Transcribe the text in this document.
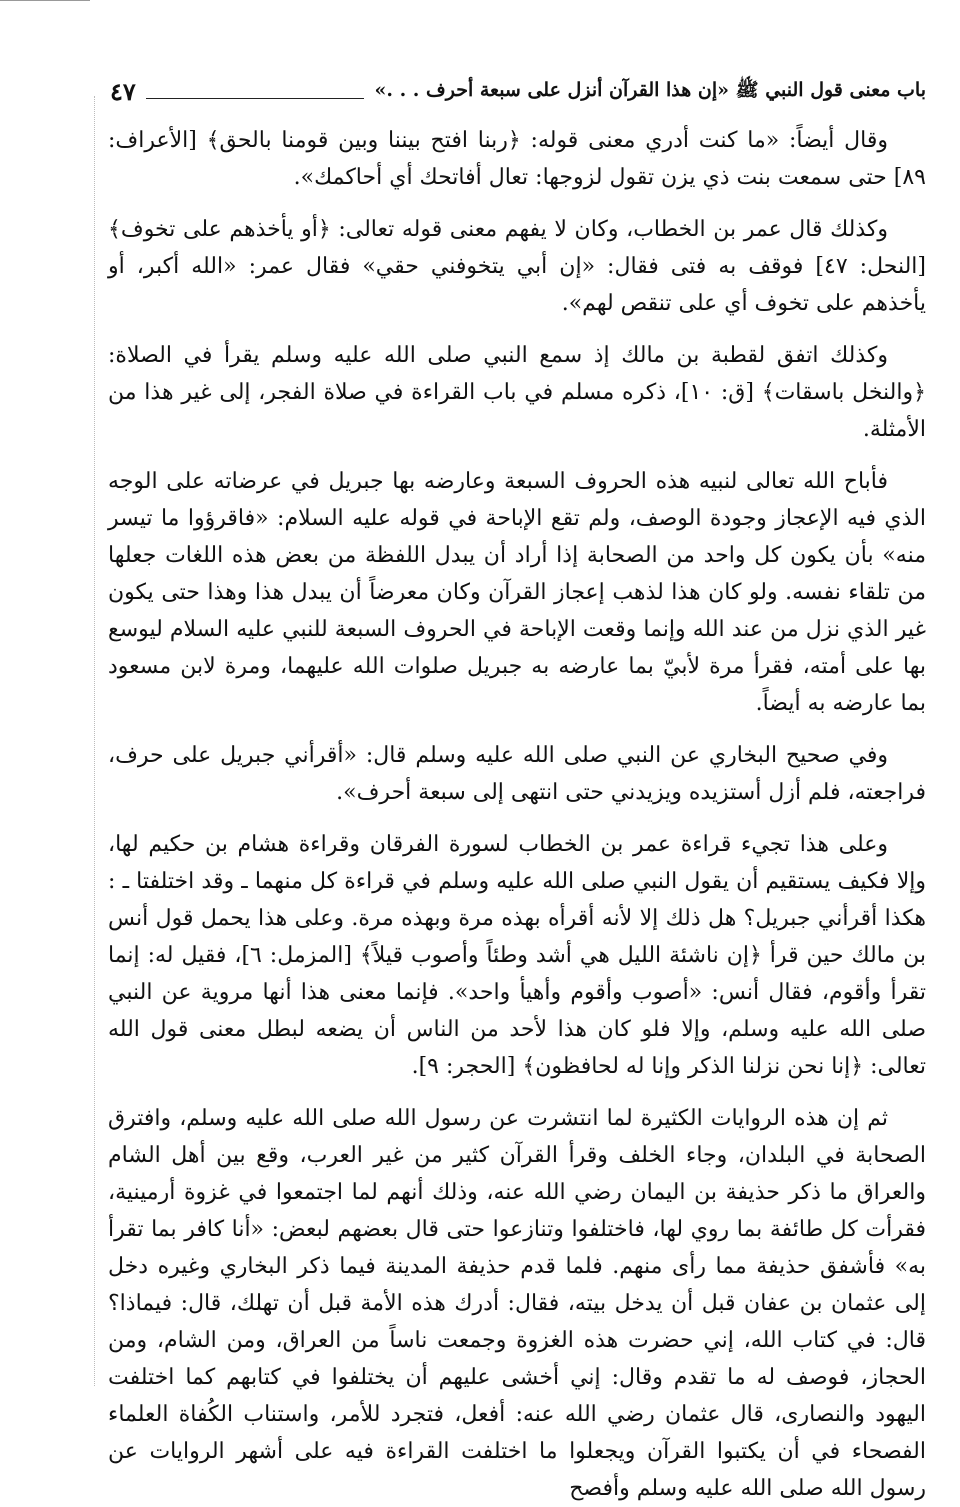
باب معنى قول النبي ﷺ «إن هذا القرآن أنزل على سبعة أحرف . . .»
٤٧

وقال أيضاً: «ما كنت أدري معنى قوله: ﴿ربنا افتح بيننا وبين قومنا بالحق﴾ [الأعراف: ٨٩] حتى سمعت بنت ذي يزن تقول لزوجها: تعال أفاتحك أي أحاكمك».

وكذلك قال عمر بن الخطاب، وكان لا يفهم معنى قوله تعالى: ﴿أو يأخذهم على تخوف﴾ [النحل: ٤٧] فوقف به فتى فقال: «إن أبي يتخوفني حقي» فقال عمر: «الله أكبر، أو يأخذهم على تخوف أي على تنقص لهم».

وكذلك اتفق لقطبة بن مالك إذ سمع النبي صلى الله عليه وسلم يقرأ في الصلاة: ﴿والنخل باسقات﴾ [ق: ١٠]، ذكره مسلم في باب القراءة في صلاة الفجر، إلى غير هذا من الأمثلة.

فأباح الله تعالى لنبيه هذه الحروف السبعة وعارضه بها جبريل في عرضاته على الوجه الذي فيه الإعجاز وجودة الوصف، ولم تقع الإباحة في قوله عليه السلام: «فاقرؤوا ما تيسر منه» بأن يكون كل واحد من الصحابة إذا أراد أن يبدل اللفظة من بعض هذه اللغات جعلها من تلقاء نفسه. ولو كان هذا لذهب إعجاز القرآن وكان معرضاً أن يبدل هذا وهذا حتى يكون غير الذي نزل من عند الله وإنما وقعت الإباحة في الحروف السبعة للنبي عليه السلام ليوسع بها على أمته، فقرأ مرة لأبيّ بما عارضه به جبريل صلوات الله عليهما، ومرة لابن مسعود بما عارضه به أيضاً.

وفي صحيح البخاري عن النبي صلى الله عليه وسلم قال: «أقرأني جبريل على حرف، فراجعته، فلم أزل أستزيده ويزيدني حتى انتهى إلى سبعة أحرف».

وعلى هذا تجيء قراءة عمر بن الخطاب لسورة الفرقان وقراءة هشام بن حكيم لها، وإلا فكيف يستقيم أن يقول النبي صلى الله عليه وسلم في قراءة كل منهما ـ وقد اختلفتا ـ : هكذا أقرأني جبريل؟ هل ذلك إلا لأنه أقرأه بهذه مرة وبهذه مرة. وعلى هذا يحمل قول أنس بن مالك حين قرأ ﴿إن ناشئة الليل هي أشد وطئاً وأصوب قيلاً﴾ [المزمل: ٦]، فقيل له: إنما تقرأ وأقوم، فقال أنس: «أصوب وأقوم وأهيأ واحد». فإنما معنى هذا أنها مروية عن النبي صلى الله عليه وسلم، وإلا فلو كان هذا لأحد من الناس أن يضعه لبطل معنى قول الله تعالى: ﴿إنا نحن نزلنا الذكر وإنا له لحافظون﴾ [الحجر: ٩].

ثم إن هذه الروايات الكثيرة لما انتشرت عن رسول الله صلى الله عليه وسلم، وافترق الصحابة في البلدان، وجاء الخلف وقرأ القرآن كثير من غير العرب، وقع بين أهل الشام والعراق ما ذكر حذيفة بن اليمان رضي الله عنه، وذلك أنهم لما اجتمعوا في غزوة أرمينية، فقرأت كل طائفة بما روي لها، فاختلفوا وتنازعوا حتى قال بعضهم لبعض: «أنا كافر بما تقرأ به» فأشفق حذيفة مما رأى منهم. فلما قدم حذيفة المدينة فيما ذكر البخاري وغيره دخل إلى عثمان بن عفان قبل أن يدخل بيته، فقال: أدرك هذه الأمة قبل أن تهلك، قال: فيماذا؟ قال: في كتاب الله، إني حضرت هذه الغزوة وجمعت ناساً من العراق، ومن الشام، ومن الحجاز، فوصف له ما تقدم وقال: إني أخشى عليهم أن يختلفوا في كتابهم كما اختلفت اليهود والنصارى، قال عثمان رضي الله عنه: أفعل، فتجرد للأمر، واستناب الكُفاة العلماء الفصحاء في أن يكتبوا القرآن ويجعلوا ما اختلفت القراءة فيه على أشهر الروايات عن رسول الله صلى الله عليه وسلم وأفصح
